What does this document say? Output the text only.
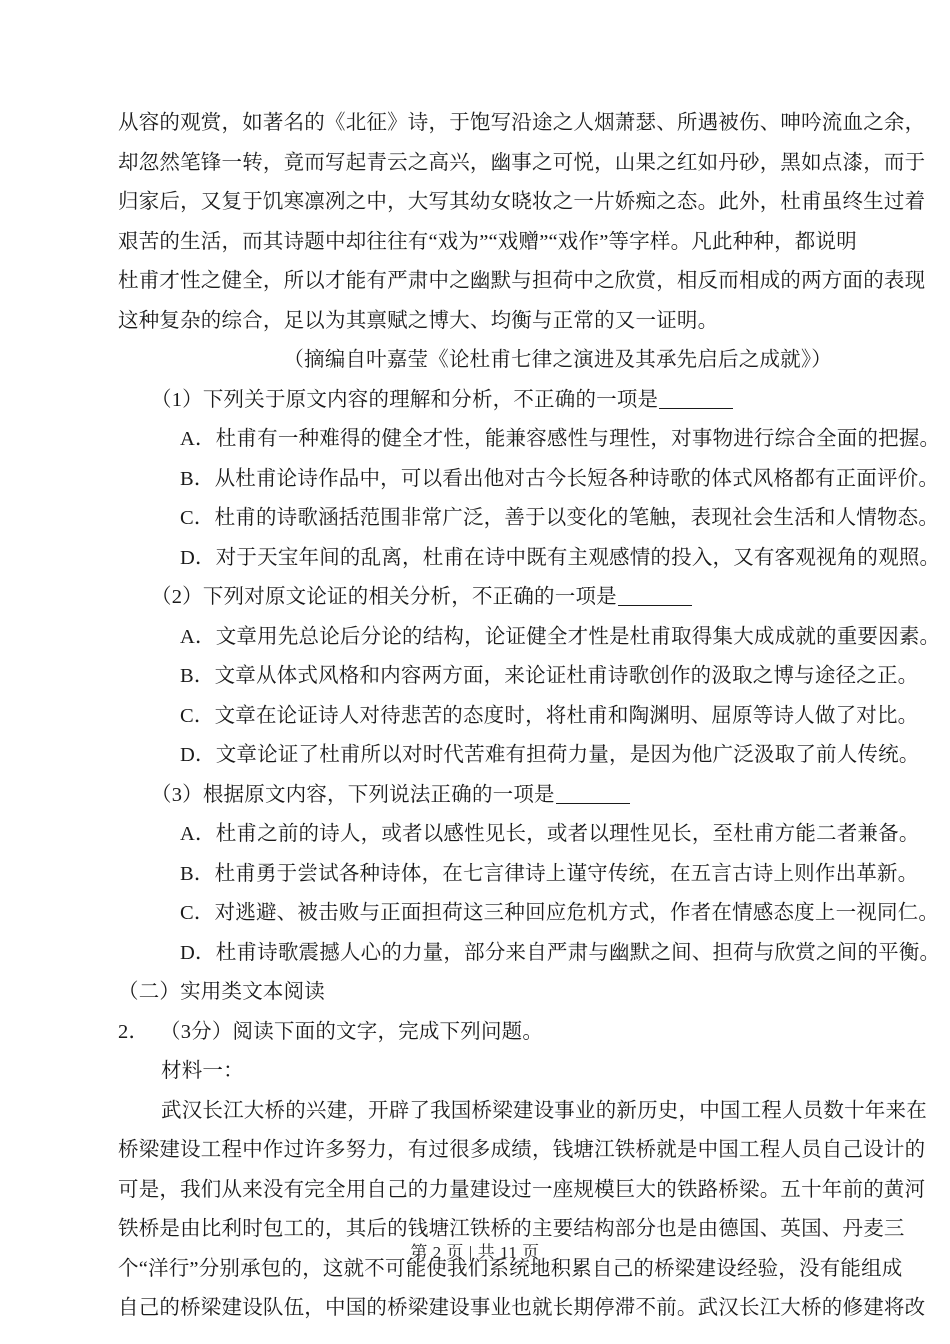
从容的观赏，如著名的《北征》诗，于饱写沿途之人烟萧瑟、所遇被伤、呻吟流血之余，

却忽然笔锋一转，竟而写起青云之高兴，幽事之可悦，山果之红如丹砂，黑如点漆，而于

归家后，又复于饥寒凛冽之中，大写其幼女晓妆之一片娇痴之态。此外，杜甫虽终生过着

艰苦的生活，而其诗题中却往往有“戏为”“戏赠”“戏作”等字样。凡此种种，都说明

杜甫才性之健全，所以才能有严肃中之幽默与担荷中之欣赏，相反而相成的两方面的表现

这种复杂的综合，足以为其禀赋之博大、均衡与正常的又一证明。

（摘编自叶嘉莹《论杜甫七律之演进及其承先启后之成就》）

（1）下列关于原文内容的理解和分析，不正确的一项是

A．杜甫有一种难得的健全才性，能兼容感性与理性，对事物进行综合全面的把握。

B．从杜甫论诗作品中，可以看出他对古今长短各种诗歌的体式风格都有正面评价。

C．杜甫的诗歌涵括范围非常广泛，善于以变化的笔触，表现社会生活和人情物态。

D．对于天宝年间的乱离，杜甫在诗中既有主观感情的投入，又有客观视角的观照。

（2）下列对原文论证的相关分析，不正确的一项是

A．文章用先总论后分论的结构，论证健全才性是杜甫取得集大成成就的重要因素。

B．文章从体式风格和内容两方面，来论证杜甫诗歌创作的汲取之博与途径之正。

C．文章在论证诗人对待悲苦的态度时，将杜甫和陶渊明、屈原等诗人做了对比。

D．文章论证了杜甫所以对时代苦难有担荷力量，是因为他广泛汲取了前人传统。

（3）根据原文内容，下列说法正确的一项是

A．杜甫之前的诗人，或者以感性见长，或者以理性见长，至杜甫方能二者兼备。

B．杜甫勇于尝试各种诗体，在七言律诗上谨守传统，在五言古诗上则作出革新。

C．对逃避、被击败与正面担荷这三种回应危机方式，作者在情感态度上一视同仁。

D．杜甫诗歌震撼人心的力量，部分来自严肃与幽默之间、担荷与欣赏之间的平衡。

（二）实用类文本阅读

2． （3分）阅读下面的文字，完成下列问题。

材料一：

武汉长江大桥的兴建，开辟了我国桥梁建设事业的新历史，中国工程人员数十年来在

桥梁建设工程中作过许多努力，有过很多成绩，钱塘江铁桥就是中国工程人员自己设计的

可是，我们从来没有完全用自己的力量建设过一座规模巨大的铁路桥梁。五十年前的黄河

铁桥是由比利时包工的，其后的钱塘江铁桥的主要结构部分也是由德国、英国、丹麦三

个“洋行”分别承包的，这就不可能使我们系统地积累自己的桥梁建设经验，没有能组成

自己的桥梁建设队伍，中国的桥梁建设事业也就长期停滞不前。武汉长江大桥的修建将改

第 2 页 | 共 11 页
